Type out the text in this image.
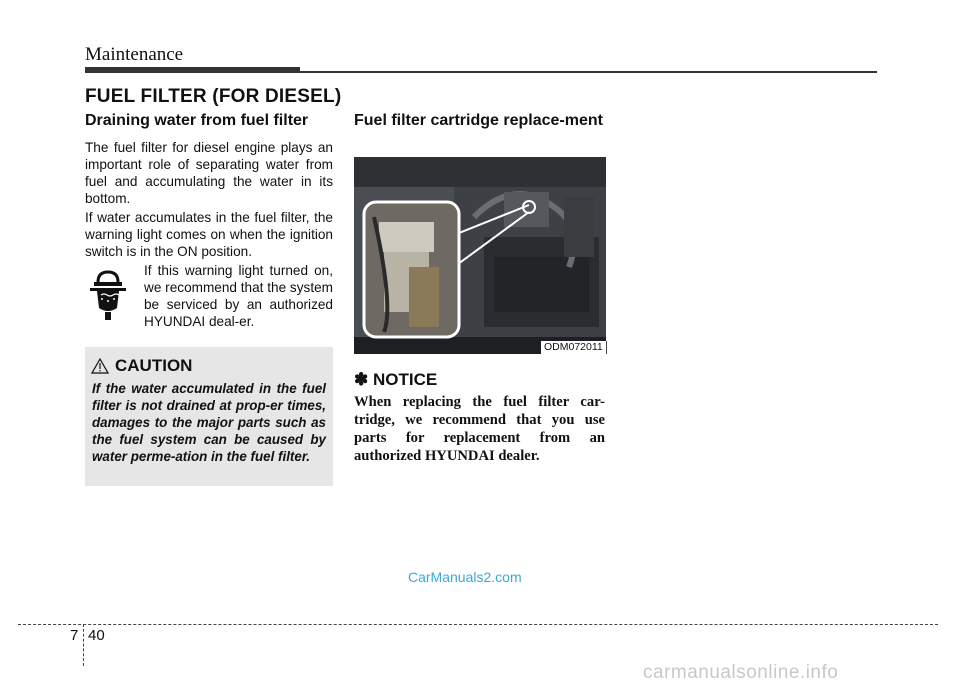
Maintenance
FUEL FILTER (FOR DIESEL)
Draining water from fuel filter
The fuel filter for diesel engine plays an important role of separating water from fuel and accumulating the water in its bottom.
If water accumulates in the fuel filter, the warning light comes on when the ignition switch is in the ON position.
If this warning light turned on, we recommend that the system be serviced by an authorized HYUNDAI deal-er.
CAUTION
If the water accumulated in the fuel filter is not drained at prop-er times, damages to the major parts such as the fuel system can be caused by water perme-ation in the fuel filter.
Fuel filter cartridge replace-ment
ODM072011
✽ NOTICE
When replacing the fuel filter car-tridge, we recommend that you use parts for replacement from an authorized HYUNDAI dealer.
CarManuals2.com
7 40
carmanualsonline.info
